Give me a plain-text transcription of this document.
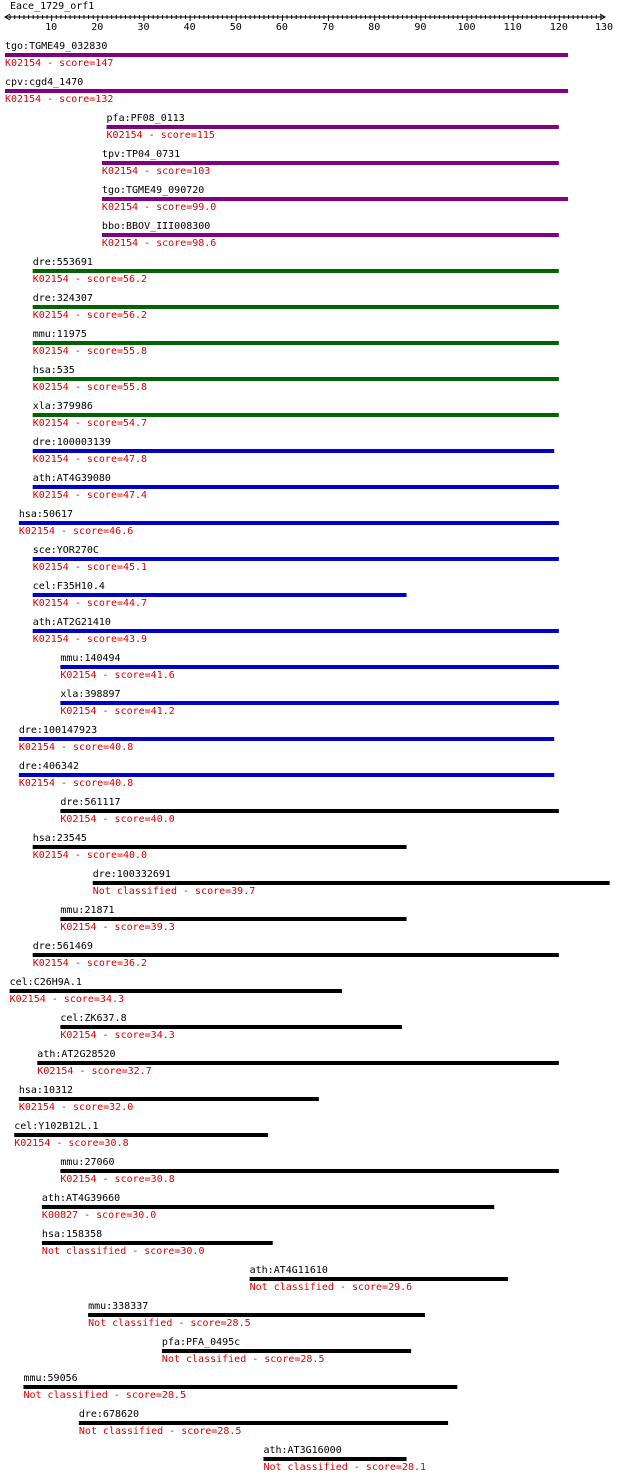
Eace_1729_orf1
10	20	30	40	50	60	70	80	90	100	110	120	130
tgo:TGME49_032830
K02154 - score=147
cpv:cgd4_1470
K02154 - score=132
pfa:PF08_0113
K02154 - score=115
tpv:TP04_0731
K02154 - score=103
tgo:TGME49_090720
K02154 - score=99.0
bbo:BBOV_III008300
K02154 - score=98.6
dre:553691
K02154 - score=56.2
dre:324307
K02154 - score=56.2
mmu:11975
K02154 - score=55.8
hsa:535
K02154 - score=55.8
xla:379986
K02154 - score=54.7
dre:100003139
K02154 - score=47.8
ath:AT4G39080
K02154 - score=47.4
hsa:50617
K02154 - score=46.6
sce:YOR270C
K02154 - score=45.1
cel:F35H10.4
K02154 - score=44.7
ath:AT2G21410
K02154 - score=43.9
mmu:140494
K02154 - score=41.6
xla:398897
K02154 - score=41.2
dre:100147923
K02154 - score=40.8
dre:406342
K02154 - score=40.8
dre:561117
K02154 - score=40.0
hsa:23545
K02154 - score=40.0
dre:100332691
Not classified - score=39.7
mmu:21871
K02154 - score=39.3
dre:561469
K02154 - score=36.2
cel:C26H9A.1
K02154 - score=34.3
cel:ZK637.8
K02154 - score=34.3
ath:AT2G28520
K02154 - score=32.7
hsa:10312
K02154 - score=32.0
cel:Y102B12L.1
K02154 - score=30.8
mmu:27060
K02154 - score=30.8
ath:AT4G39660
K00827 - score=30.0
hsa:158358
Not classified - score=30.0
ath:AT4G11610
Not classified - score=29.6
mmu:338337
Not classified - score=28.5
pfa:PFA_0495c
Not classified - score=28.5
mmu:59056
Not classified - score=28.5
dre:678620
Not classified - score=28.5
ath:AT3G16000
Not classified - score=28.1
